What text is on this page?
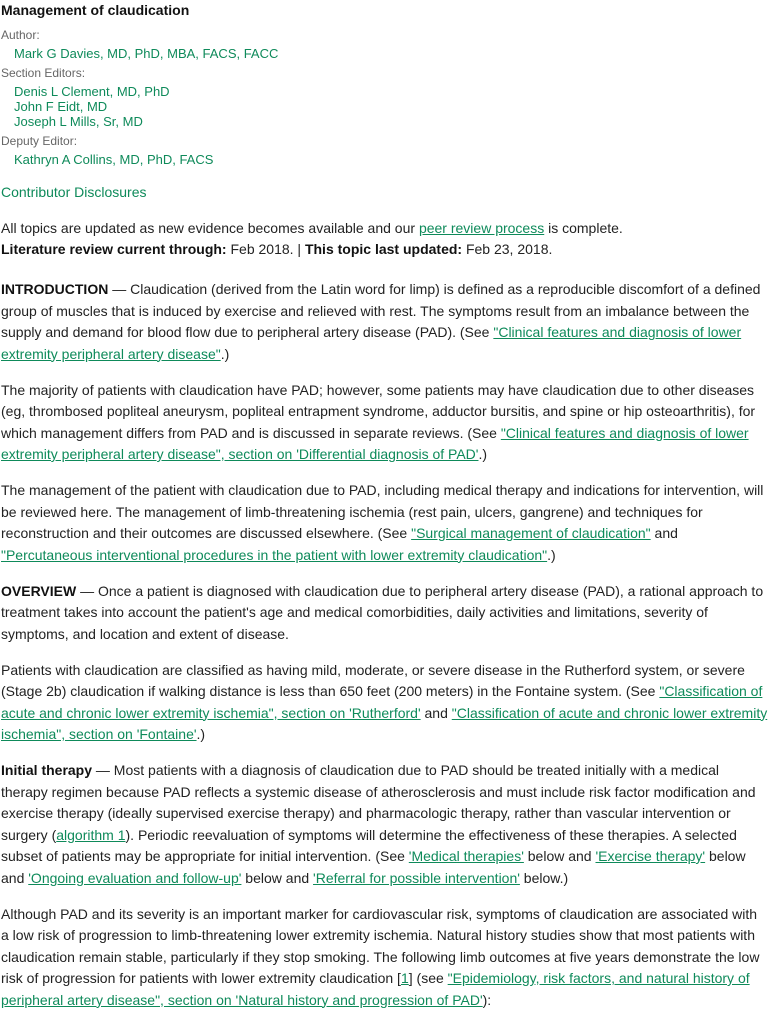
Management of claudication
Author:
Mark G Davies, MD, PhD, MBA, FACS, FACC
Section Editors:
Denis L Clement, MD, PhD
John F Eidt, MD
Joseph L Mills, Sr, MD
Deputy Editor:
Kathryn A Collins, MD, PhD, FACS
Contributor Disclosures
All topics are updated as new evidence becomes available and our peer review process is complete.
Literature review current through: Feb 2018. | This topic last updated: Feb 23, 2018.

INTRODUCTION — Claudication (derived from the Latin word for limp) is defined as a reproducible discomfort of a defined group of muscles that is induced by exercise and relieved with rest. The symptoms result from an imbalance between the supply and demand for blood flow due to peripheral artery disease (PAD). (See "Clinical features and diagnosis of lower extremity peripheral artery disease".)

The majority of patients with claudication have PAD; however, some patients may have claudication due to other diseases (eg, thrombosed popliteal aneurysm, popliteal entrapment syndrome, adductor bursitis, and spine or hip osteoarthritis), for which management differs from PAD and is discussed in separate reviews. (See "Clinical features and diagnosis of lower extremity peripheral artery disease", section on 'Differential diagnosis of PAD'.)

The management of the patient with claudication due to PAD, including medical therapy and indications for intervention, will be reviewed here. The management of limb-threatening ischemia (rest pain, ulcers, gangrene) and techniques for reconstruction and their outcomes are discussed elsewhere. (See "Surgical management of claudication" and "Percutaneous interventional procedures in the patient with lower extremity claudication".)

OVERVIEW — Once a patient is diagnosed with claudication due to peripheral artery disease (PAD), a rational approach to treatment takes into account the patient's age and medical comorbidities, daily activities and limitations, severity of symptoms, and location and extent of disease.

Patients with claudication are classified as having mild, moderate, or severe disease in the Rutherford system, or severe (Stage 2b) claudication if walking distance is less than 650 feet (200 meters) in the Fontaine system. (See "Classification of acute and chronic lower extremity ischemia", section on 'Rutherford' and "Classification of acute and chronic lower extremity ischemia", section on 'Fontaine'.)

Initial therapy — Most patients with a diagnosis of claudication due to PAD should be treated initially with a medical therapy regimen because PAD reflects a systemic disease of atherosclerosis and must include risk factor modification and exercise therapy (ideally supervised exercise therapy) and pharmacologic therapy, rather than vascular intervention or surgery (algorithm 1). Periodic reevaluation of symptoms will determine the effectiveness of these therapies. A selected subset of patients may be appropriate for initial intervention. (See 'Medical therapies' below and 'Exercise therapy' below and 'Ongoing evaluation and follow-up' below and 'Referral for possible intervention' below.)

Although PAD and its severity is an important marker for cardiovascular risk, symptoms of claudication are associated with a low risk of progression to limb-threatening lower extremity ischemia. Natural history studies show that most patients with claudication remain stable, particularly if they stop smoking. The following limb outcomes at five years demonstrate the low risk of progression for patients with lower extremity claudication [1] (see "Epidemiology, risk factors, and natural history of peripheral artery disease", section on 'Natural history and progression of PAD'):
